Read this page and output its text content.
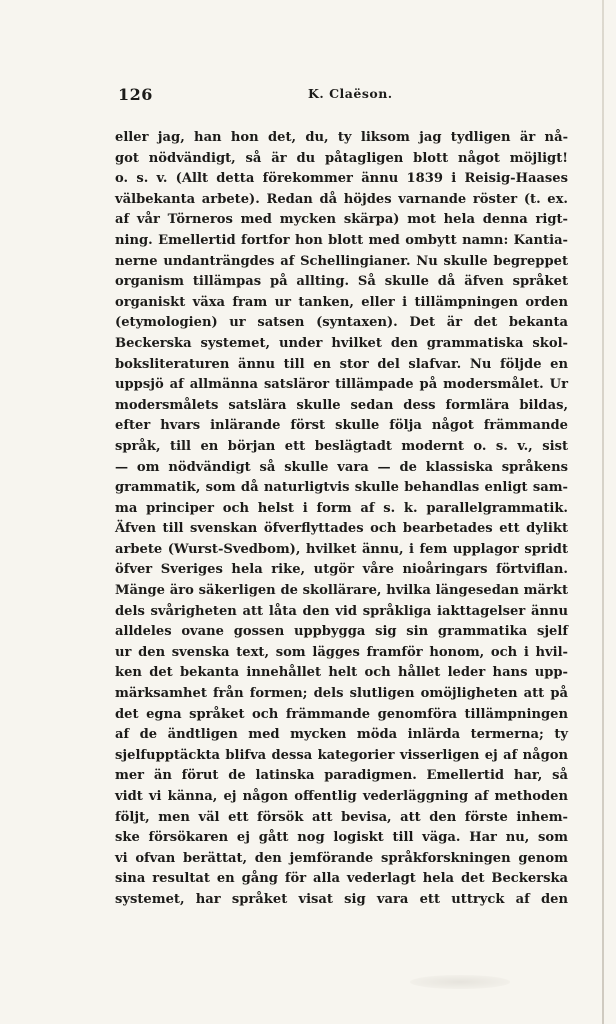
126	K. Claëson.
eller jag, han hon det, du, ty liksom jag tydligen är nå-
got nödvändigt, så är du påtagligen blott något möjligt!
o. s. v. (Allt detta förekommer ännu 1839 i Reisig-Haases
välbekanta arbete). Redan då höjdes varnande röster (t. ex.
af vår Törneros med mycken skärpa) mot hela denna rigt-
ning. Emellertid fortfor hon blott med ombytt namn: Kantia-
nerne undanträngdes af Schellingianer. Nu skulle begreppet
organism tillämpas på allting. Så skulle då äfven språket
organiskt växa fram ur tanken, eller i tillämpningen orden
(etymologien) ur satsen (syntaxen). Det är det bekanta
Beckerska systemet, under hvilket den grammatiska skol-
boksliteraturen ännu till en stor del slafvar. Nu följde en
uppsjö af allmänna satsläror tillämpade på modersmålet. Ur
modersmålets satslära skulle sedan dess formlära bildas,
efter hvars inlärande först skulle följa något främmande
språk, till en början ett beslägtadt modernt o. s. v., sist
— om nödvändigt så skulle vara — de klassiska språkens
grammatik, som då naturligtvis skulle behandlas enligt sam-
ma principer och helst i form af s. k. parallelgrammatik.
Äfven till svenskan öfverflyttades och bearbetades ett dylikt
arbete (Wurst-Svedbom), hvilket ännu, i fem upplagor spridt
öfver Sveriges hela rike, utgör våre nioåringars förtviflan.
Mänge äro säkerligen de skollärare, hvilka längesedan märkt
dels svårigheten att låta den vid språkliga iakttagelser ännu
alldeles ovane gossen uppbygga sig sin grammatika sjelf
ur den svenska text, som lägges framför honom, och i hvil-
ken det bekanta innehållet helt och hållet leder hans upp-
märksamhet från formen; dels slutligen omöjligheten att på
det egna språket och främmande genomföra tillämpningen
af de ändtligen med mycken möda inlärda termerna; ty
sjelfupptäckta blifva dessa kategorier visserligen ej af någon
mer än förut de latinska paradigmen. Emellertid har, så
vidt vi känna, ej någon offentlig vederläggning af methoden
följt, men väl ett försök att bevisa, att den förste inhem-
ske försökaren ej gått nog logiskt till väga. Har nu, som
vi ofvan berättat, den jemförande språkforskningen genom
sina resultat en gång för alla vederlagt hela det Beckerska
systemet, har språket visat sig vara ett uttryck af den
